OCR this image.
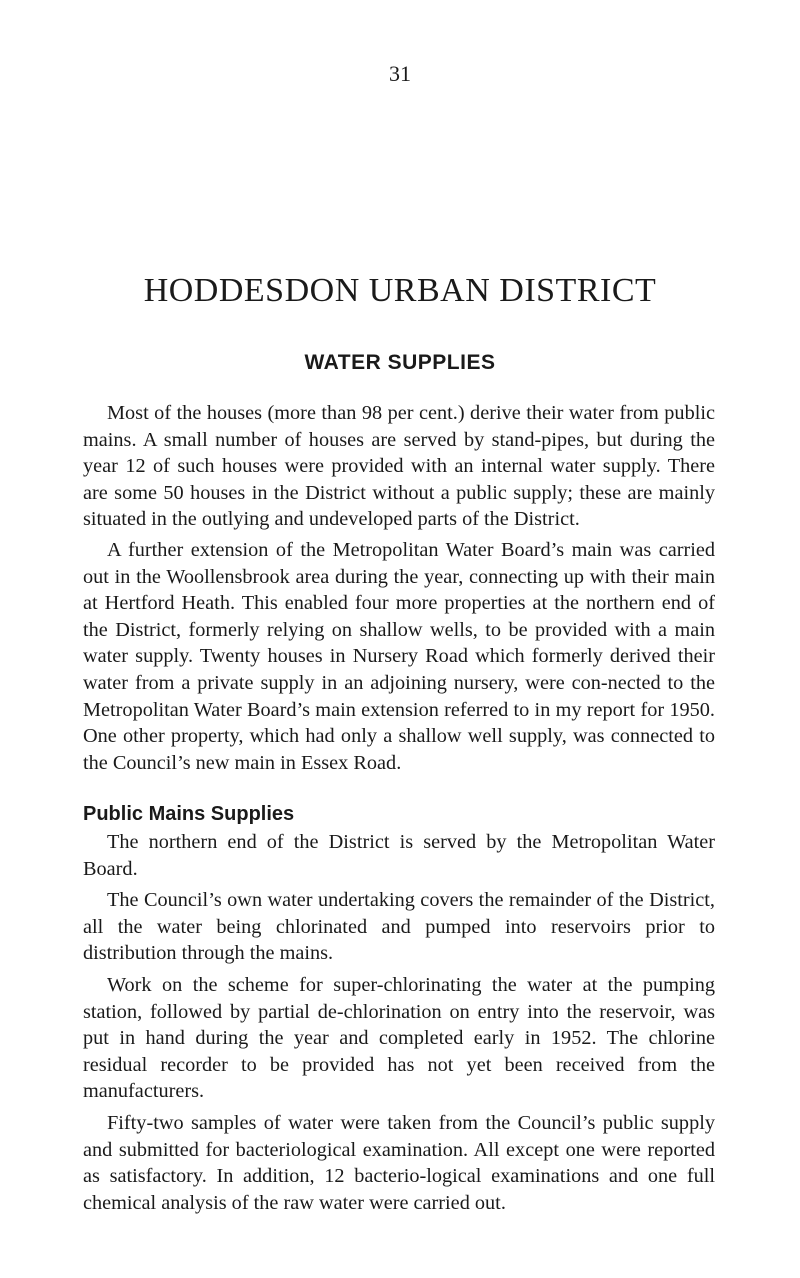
31
HODDESDON URBAN DISTRICT
WATER SUPPLIES

Most of the houses (more than 98 per cent.) derive their water from public mains. A small number of houses are served by stand-pipes, but during the year 12 of such houses were provided with an internal water supply. There are some 50 houses in the District without a public supply; these are mainly situated in the outlying and undeveloped parts of the District.

A further extension of the Metropolitan Water Board’s main was carried out in the Woollensbrook area during the year, connecting up with their main at Hertford Heath. This enabled four more properties at the northern end of the District, formerly relying on shallow wells, to be provided with a main water supply. Twenty houses in Nursery Road which formerly derived their water from a private supply in an adjoining nursery, were con-nected to the Metropolitan Water Board’s main extension referred to in my report for 1950. One other property, which had only a shallow well supply, was connected to the Council’s new main in Essex Road.

Public Mains Supplies

The northern end of the District is served by the Metropolitan Water Board.

The Council’s own water undertaking covers the remainder of the District, all the water being chlorinated and pumped into reservoirs prior to distribution through the mains.

Work on the scheme for super-chlorinating the water at the pumping station, followed by partial de-chlorination on entry into the reservoir, was put in hand during the year and completed early in 1952. The chlorine residual recorder to be provided has not yet been received from the manufacturers.

Fifty-two samples of water were taken from the Council’s public supply and submitted for bacteriological examination. All except one were reported as satisfactory. In addition, 12 bacterio-logical examinations and one full chemical analysis of the raw water were carried out.
